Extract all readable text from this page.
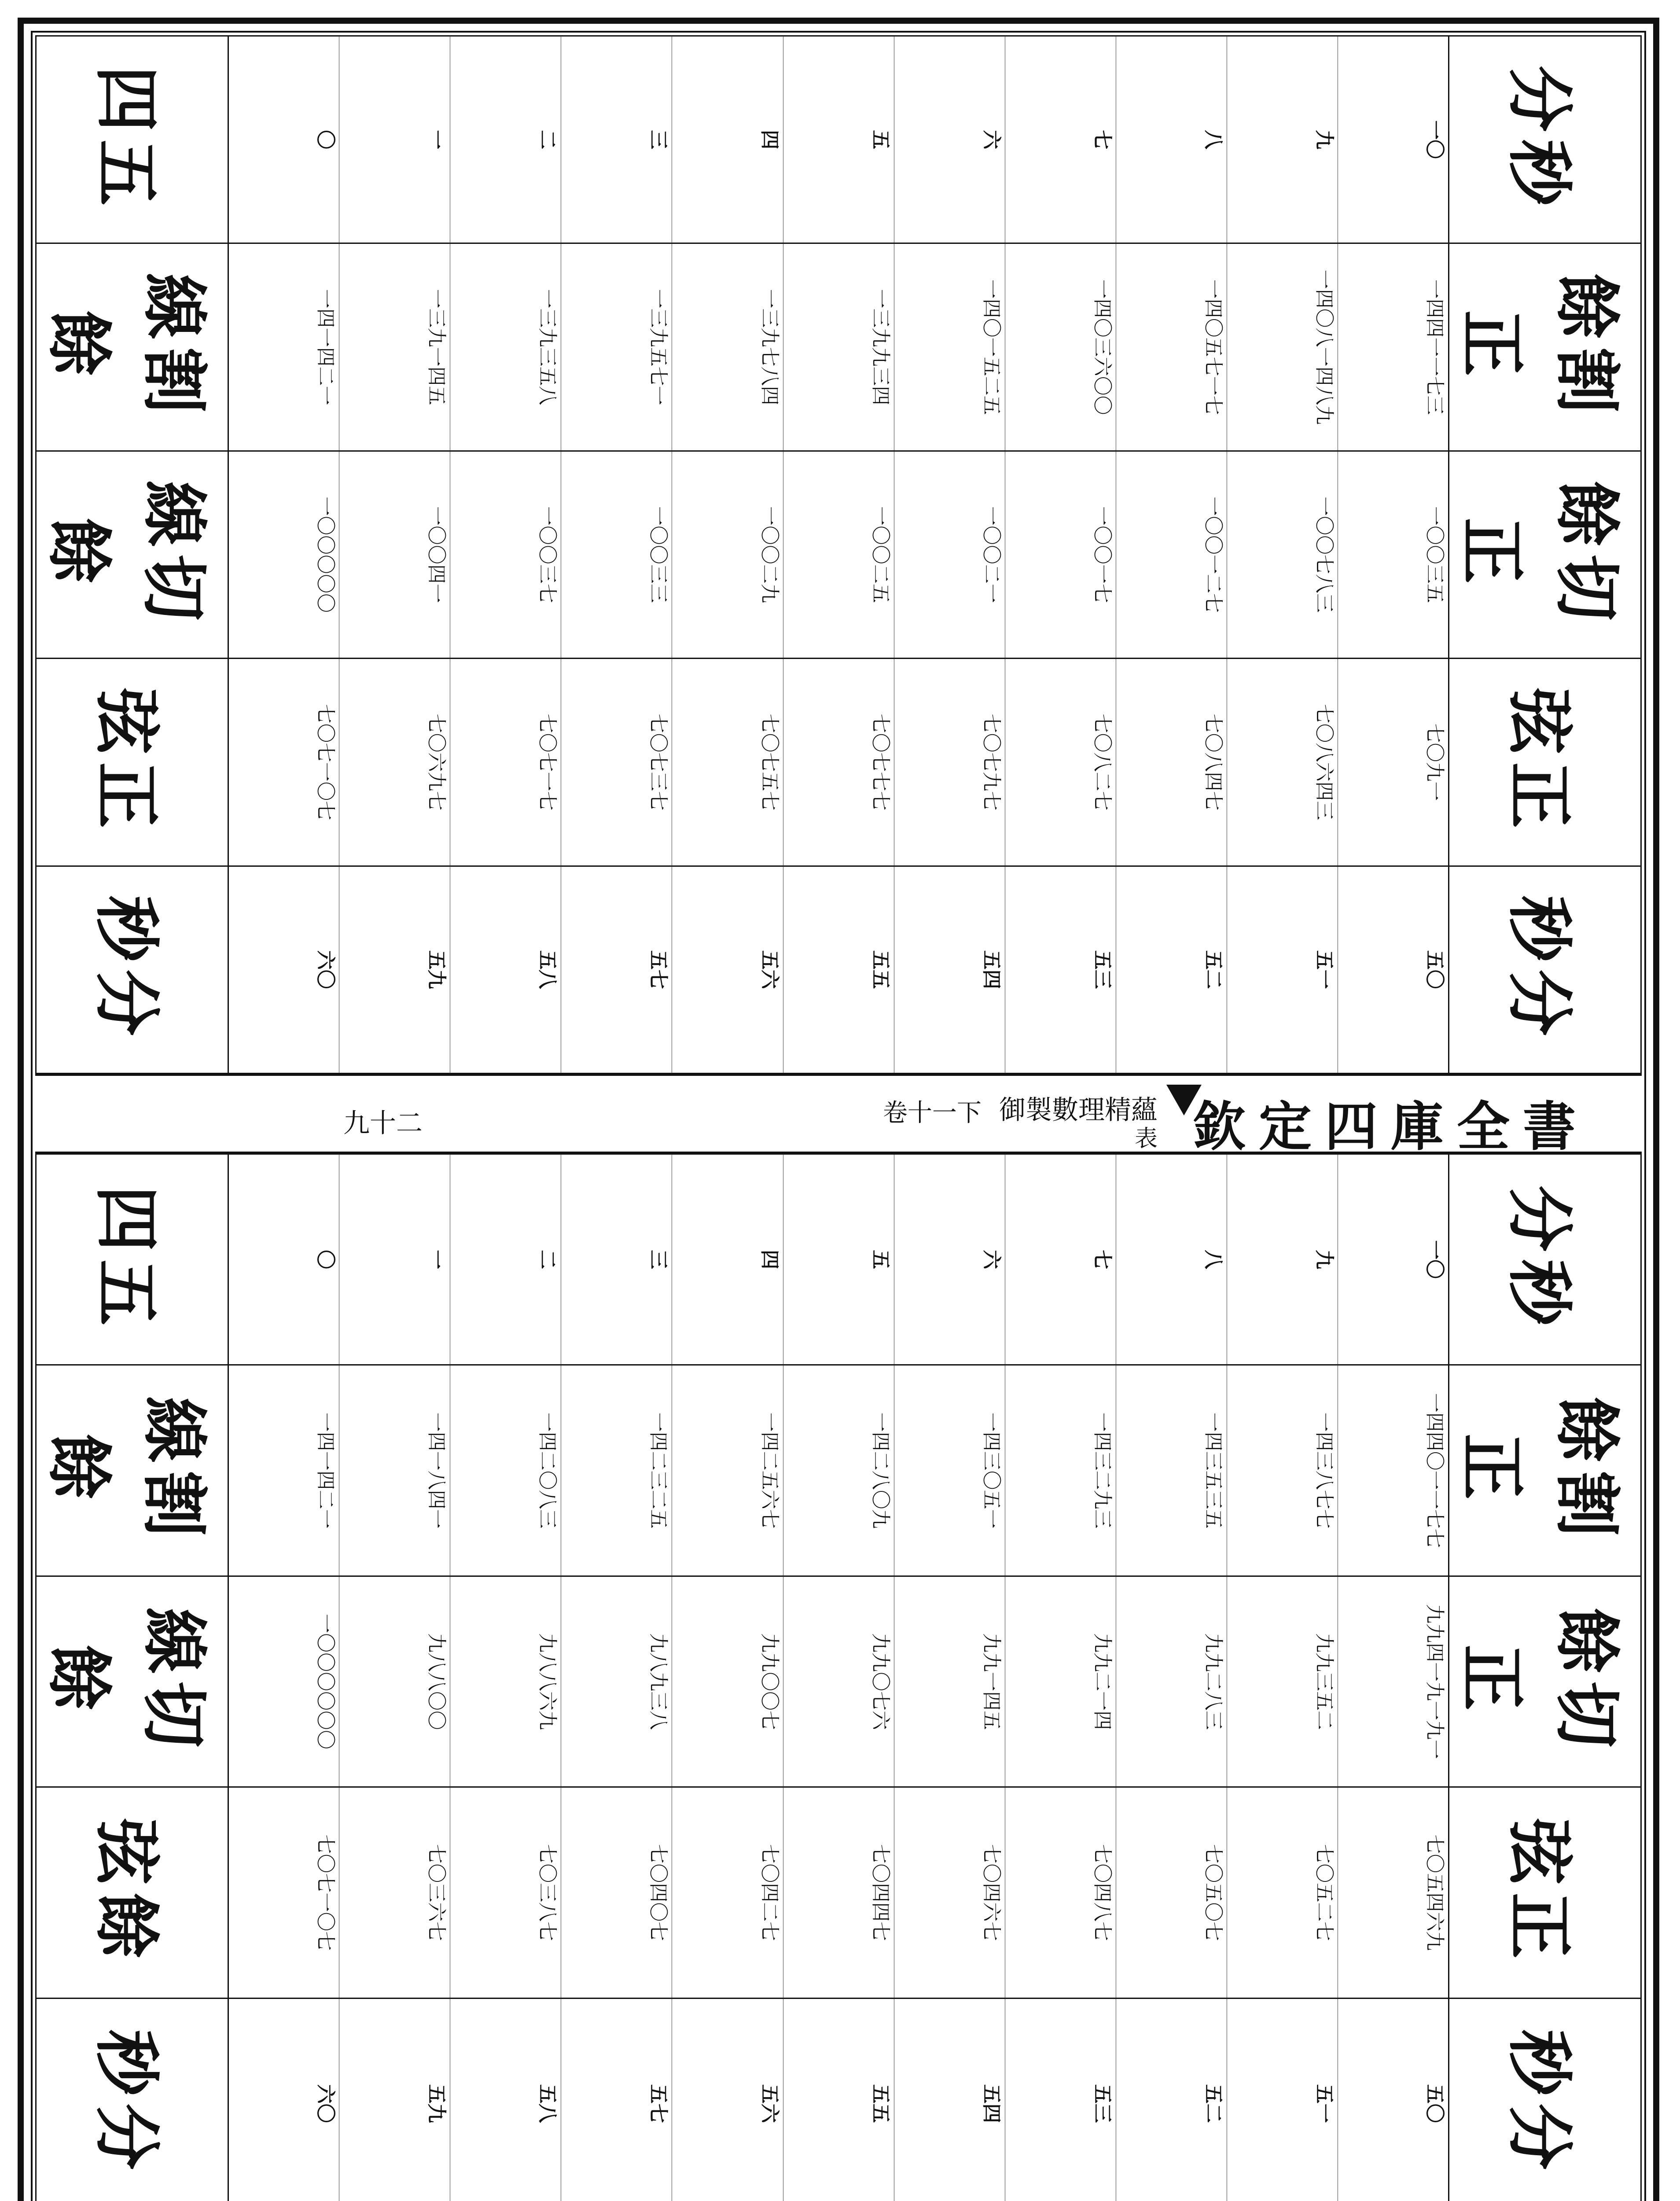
分秒	餘割正	餘切正	弦正	秒分
一〇	一四四一一七三	一〇〇三五	七〇九一	五〇
九	一四〇八一四八九	一〇〇七八三	七〇八六四三	五一
八	一四〇五七一七	一〇〇一二七	七〇八四七	五二
七	一四〇三六〇〇	一〇〇一七	七〇八二七	五三
六	一四〇一五二五	一〇〇二一	七〇七九七	五四
五	一三九九三四	一〇〇二五	七〇七七七	五五
四	一三九七八四	一〇〇二九	七〇七五七	五六
三	一三九五七一	一〇〇三三	七〇七三七	五七
二	一三九三五八	一〇〇三七	七〇七一七	五八
一	一三九一四五	一〇〇四一	七〇六九七	五九
〇	一四一四二一	一〇〇〇〇〇	七〇七一〇七	六〇
四五	線割餘	線切餘	弦正	秒分
欽定四庫全書
御製數理精蘊
表
卷十一下
九十二
分秒	餘割正	餘切正	弦正	秒分
一〇	一四四〇一一七七	九九四一九一九一	七〇五四六九	五〇
九	一四三八七七	九九三五二	七〇五二七	五一
八	一四三五三五	九九二八三	七〇五〇七	五二
七	一四三二九三	九九二一四	七〇四八七	五三
六	一四三〇五一	九九一四五	七〇四六七	五四
五	一四二八〇九	九九〇七六	七〇四四七	五五
四	一四二五六七	九九〇〇七	七〇四二七	五六
三	一四二三二五	九八九三八	七〇四〇七	五七
二	一四二〇八三	九八八六九	七〇三八七	五八
一	一四一八四一	九八八〇〇	七〇三六七	五九
〇	一四一四二一	一〇〇〇〇〇〇	七〇七一〇七	六〇
四五	線割餘	線切餘	弦餘	秒分
